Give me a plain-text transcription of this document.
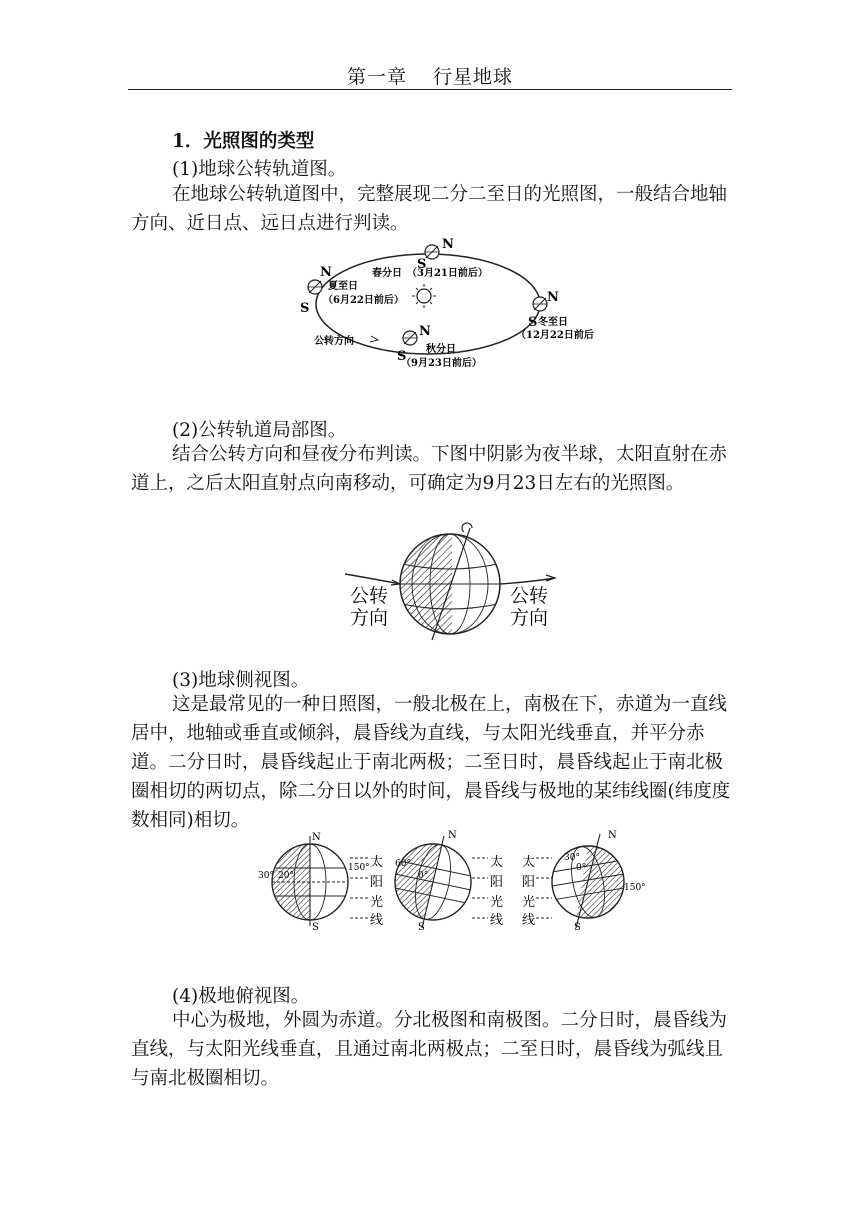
第一章 行星地球
1．光照图的类型
(1)地球公转轨道图。
在地球公转轨道图中，完整展现二分二至日的光照图，一般结合地轴方向、近日点、远日点进行判读。
N
S
春分日 （3月21日前后）
N
S
夏至日
（6月22日前后）	N
S 冬至日
（12月22日前后
N
S 秋分日
（9月23日前后）
公转方向
(2)公转轨道局部图。
结合公转方向和昼夜分布判读。下图中阴影为夜半球，太阳直射在赤道上，之后太阳直射点向南移动，可确定为9月23日左右的光照图。
公转
方向
公转
方向
(3)地球侧视图。
这是最常见的一种日照图，一般北极在上，南极在下，赤道为一直线居中，地轴或垂直或倾斜，晨昏线为直线，与太阳光线垂直，并平分赤道。二分日时，晨昏线起止于南北两极；二至日时，晨昏线起止于南北极圈相切的两切点，除二分日以外的时间，晨昏线与极地的某纬线圈(纬度度数相同)相切。
N
S
30° 20°
150° 太
阳
光
线
N
S
60°
0°
太
阳
光
线
太
阳
光
线
N
S
30°
0°
150°
(4)极地俯视图。
中心为极地，外圆为赤道。分北极图和南极图。二分日时，晨昏线为直线，与太阳光线垂直，且通过南北两极点；二至日时，晨昏线为弧线且与南北极圈相切。
